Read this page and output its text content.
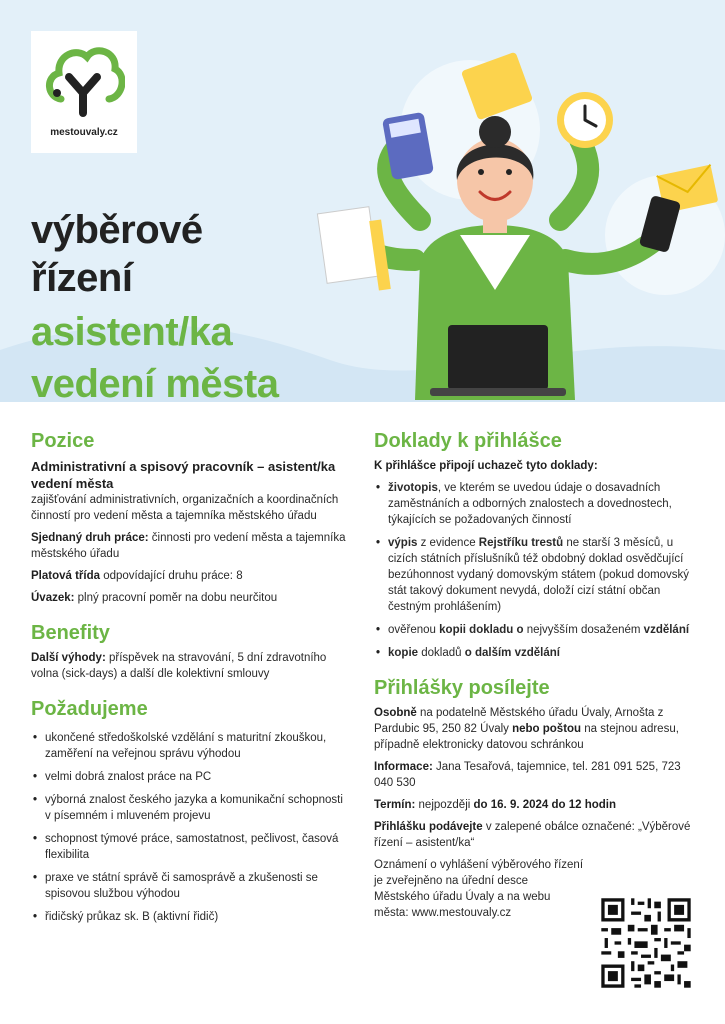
mestouvaly.cz
výběrové
řízení
asistent/ka
vedení města
Pozice
Administrativní a spisový pracovník – asistent/ka vedení města
zajišťování administrativních, organizačních a koordinačních činností pro vedení města a tajemníka městského úřadu
Sjednaný druh práce: činnosti pro vedení města a tajemníka městského úřadu
Platová třída odpovídající druhu práce: 8
Úvazek: plný pracovní poměr na dobu neurčitou
Benefity
Další výhody: příspěvek na stravování, 5 dní zdravotního volna (sick-days) a další dle kolektivní smlouvy
Požadujeme
• ukončené středoškolské vzdělání s maturitní zkouškou, zaměření na veřejnou správu výhodou
• velmi dobrá znalost práce na PC
• výborná znalost českého jazyka a komunikační schopnosti v písemném i mluveném projevu
• schopnost týmové práce, samostatnost, pečlivost, časová flexibilita
• praxe ve státní správě či samosprávě a zkušenosti se spisovou službou výhodou
• řidičský průkaz sk. B (aktivní řidič)
Doklady k přihlášce
K přihlášce připojí uchazeč tyto doklady:
• životopis, ve kterém se uvedou údaje o dosavadních zaměstnáních a odborných znalostech a dovednostech, týkajících se požadovaných činností
• výpis z evidence Rejstříku trestů ne starší 3 měsíců, u cizích státních příslušníků též obdobný doklad osvědčující bezúhonnost vydaný domovským státem (pokud domovský stát takový dokument nevydá, doloží cizí státní občan čestným prohlášením)
• ověřenou kopii dokladu o nejvyšším dosaženém vzdělání
• kopie dokladů o dalším vzdělání
Přihlášky posílejte
Osobně na podatelně Městského úřadu Úvaly, Arnošta z Pardubic 95, 250 82 Úvaly nebo poštou na stejnou adresu, případně elektronicky datovou schránkou
Informace: Jana Tesařová, tajemnice, tel. 281 091 525, 723 040 530
Termín: nejpozději do 16. 9. 2024 do 12 hodin
Přihlášku podávejte v zalepené obálce označené: „Výběrové řízení – asistent/ka“
Oznámení o vyhlášení výběrového řízení je zveřejněno na úřední desce Městského úřadu Úvaly a na webu města: www.mestouvaly.cz
